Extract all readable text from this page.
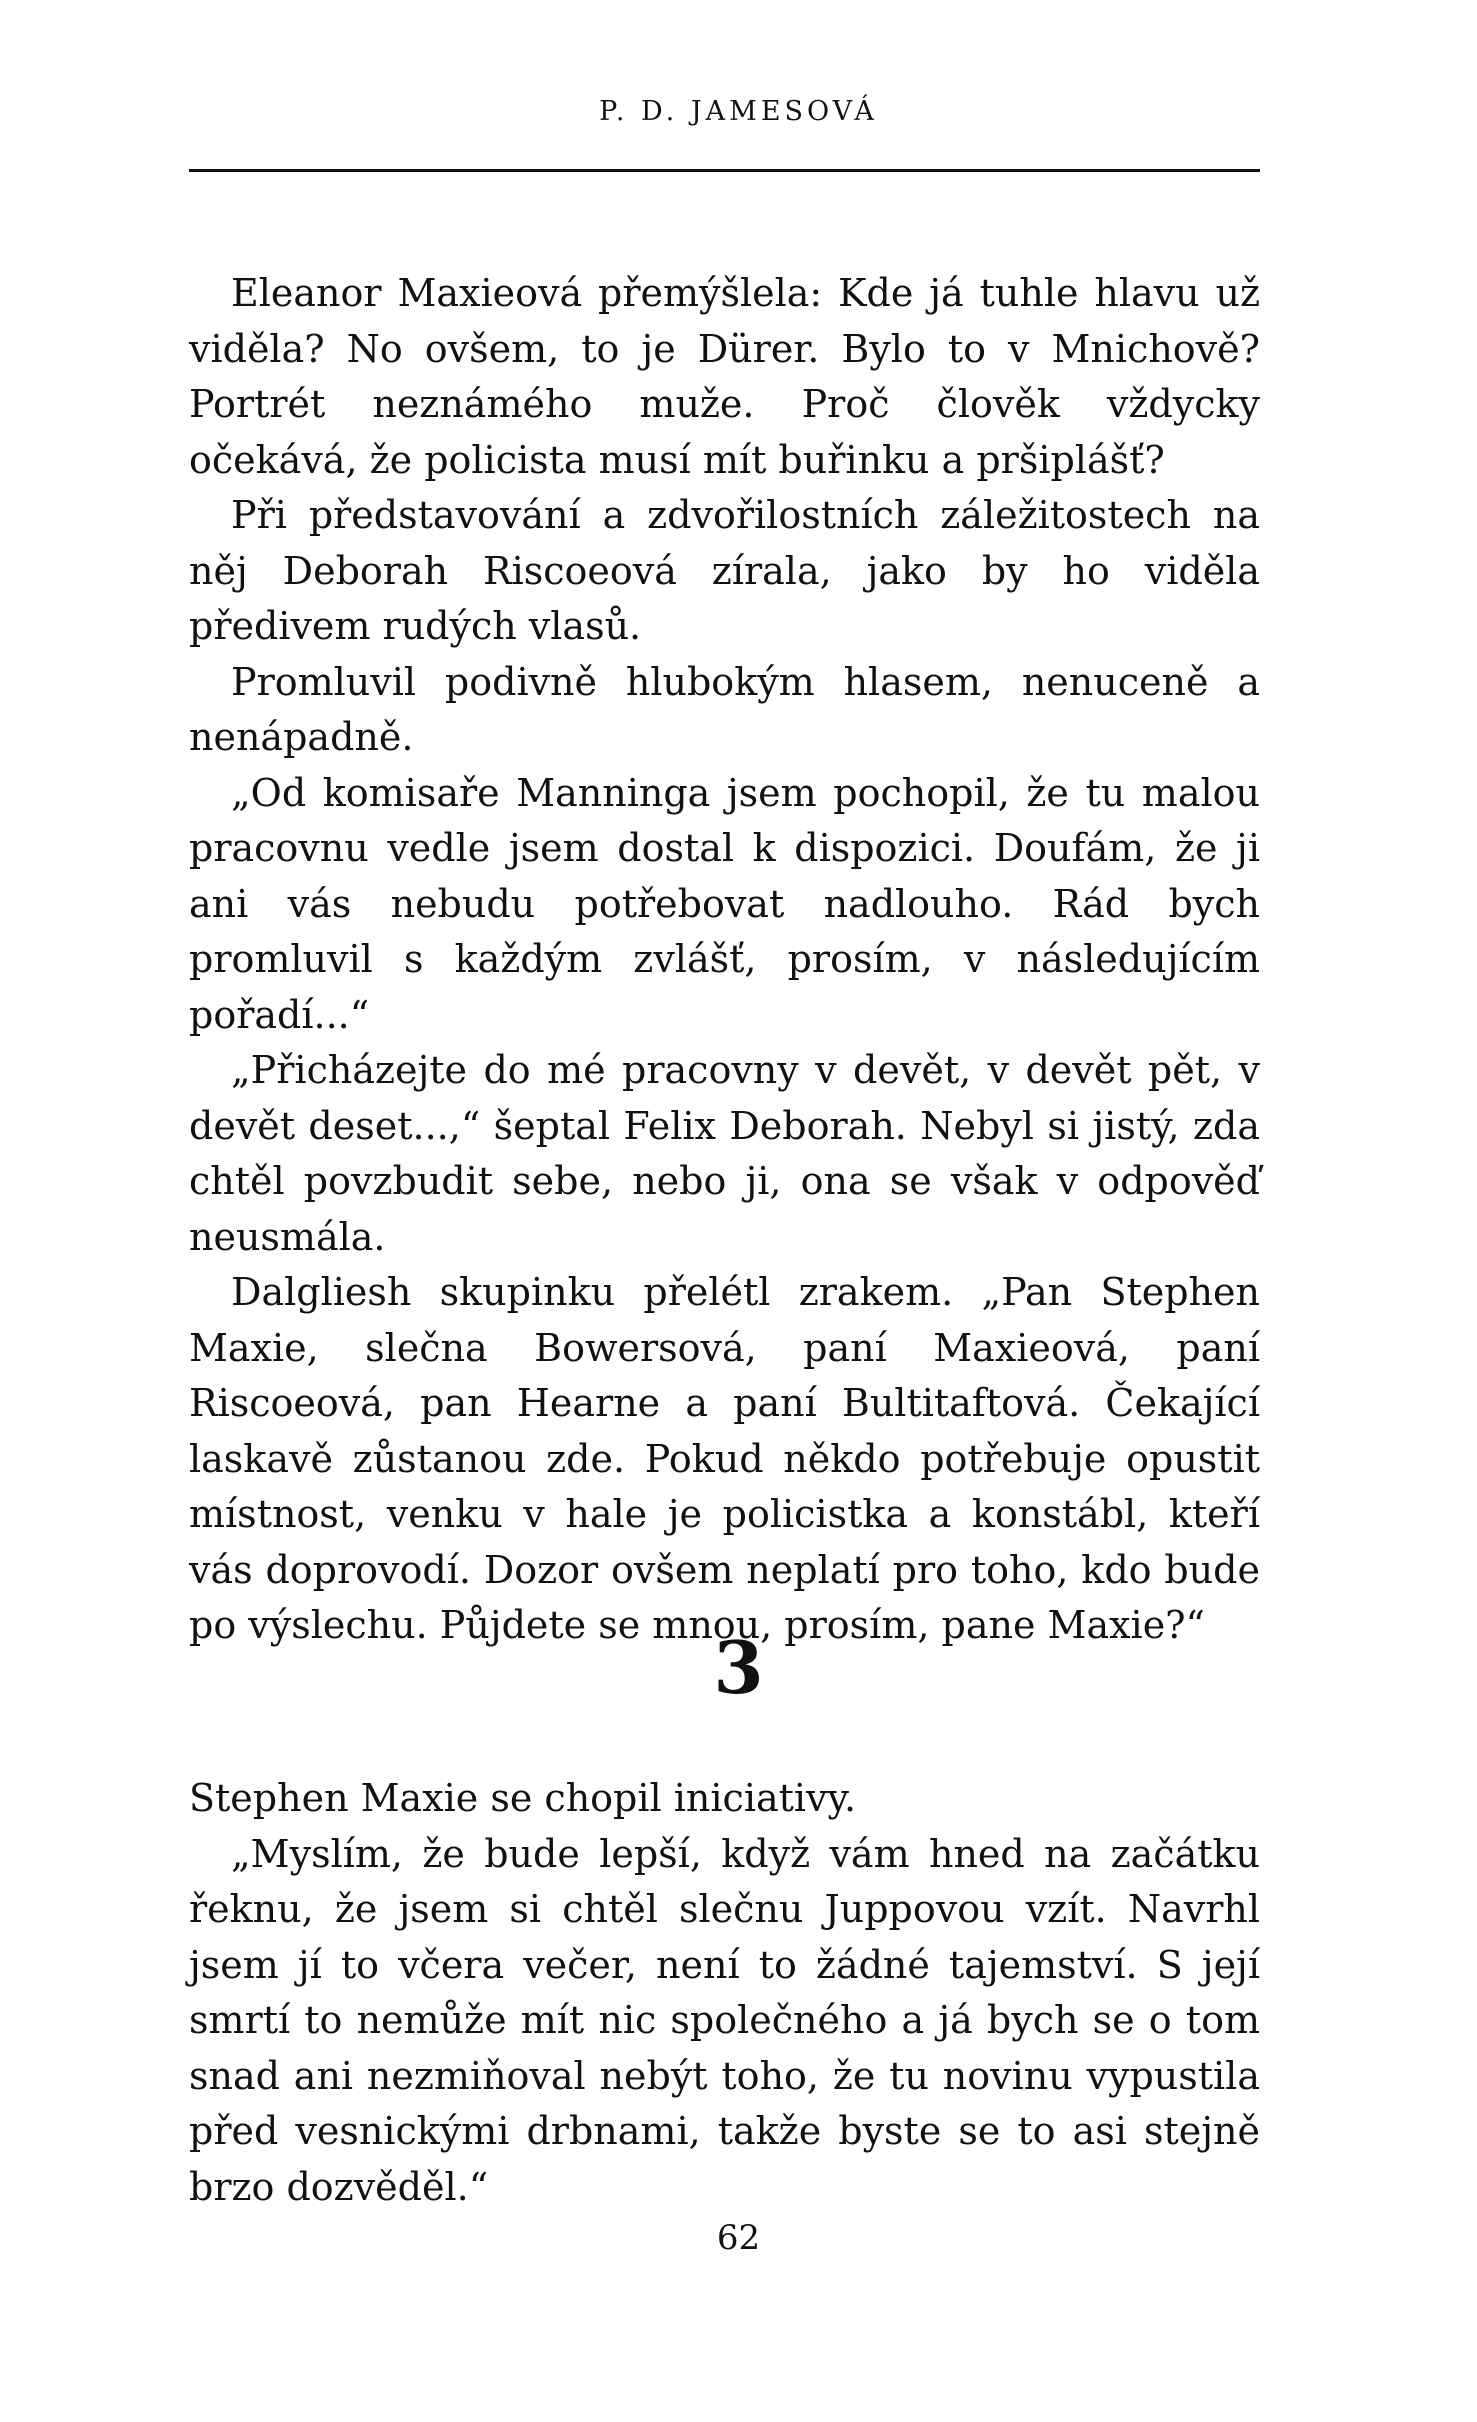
P. D. JAMESOVÁ

Eleanor Maxieová přemýšlela: Kde já tuhle hlavu už viděla? No ovšem, to je Dürer. Bylo to v Mnichově? Portrét neznámého muže. Proč člověk vždycky očekává, že policista musí mít buřinku a pršiplášť?

Při představování a zdvořilostních záležitostech na něj Deborah Riscoeová zírala, jako by ho viděla předivem rudých vlasů.

Promluvil podivně hlubokým hlasem, nenuceně a nenápadně.

„Od komisaře Manninga jsem pochopil, že tu malou pracovnu vedle jsem dostal k dispozici. Doufám, že ji ani vás nebudu potřebovat nadlouho. Rád bych promluvil s každým zvlášť, prosím, v následujícím pořadí...“

„Přicházejte do mé pracovny v devět, v devět pět, v devět deset...,“ šeptal Felix Deborah. Nebyl si jistý, zda chtěl povzbudit sebe, nebo ji, ona se však v odpověď neusmála.

Dalgliesh skupinku přelétl zrakem. „Pan Stephen Maxie, slečna Bowersová, paní Maxieová, paní Riscoeová, pan Hearne a paní Bultitaftová. Čekající laskavě zůstanou zde. Pokud někdo potřebuje opustit místnost, venku v hale je policistka a konstábl, kteří vás doprovodí. Dozor ovšem neplatí pro toho, kdo bude po výslechu. Půjdete se mnou, prosím, pane Maxie?“

3

Stephen Maxie se chopil iniciativy.

„Myslím, že bude lepší, když vám hned na začátku řeknu, že jsem si chtěl slečnu Juppovou vzít. Navrhl jsem jí to včera večer, není to žádné tajemství. S její smrtí to nemůže mít nic společného a já bych se o tom snad ani nezmiňoval nebýt toho, že tu novinu vypustila před vesnickými drbnami, takže byste se to asi stejně brzo dozvěděl.“

62
